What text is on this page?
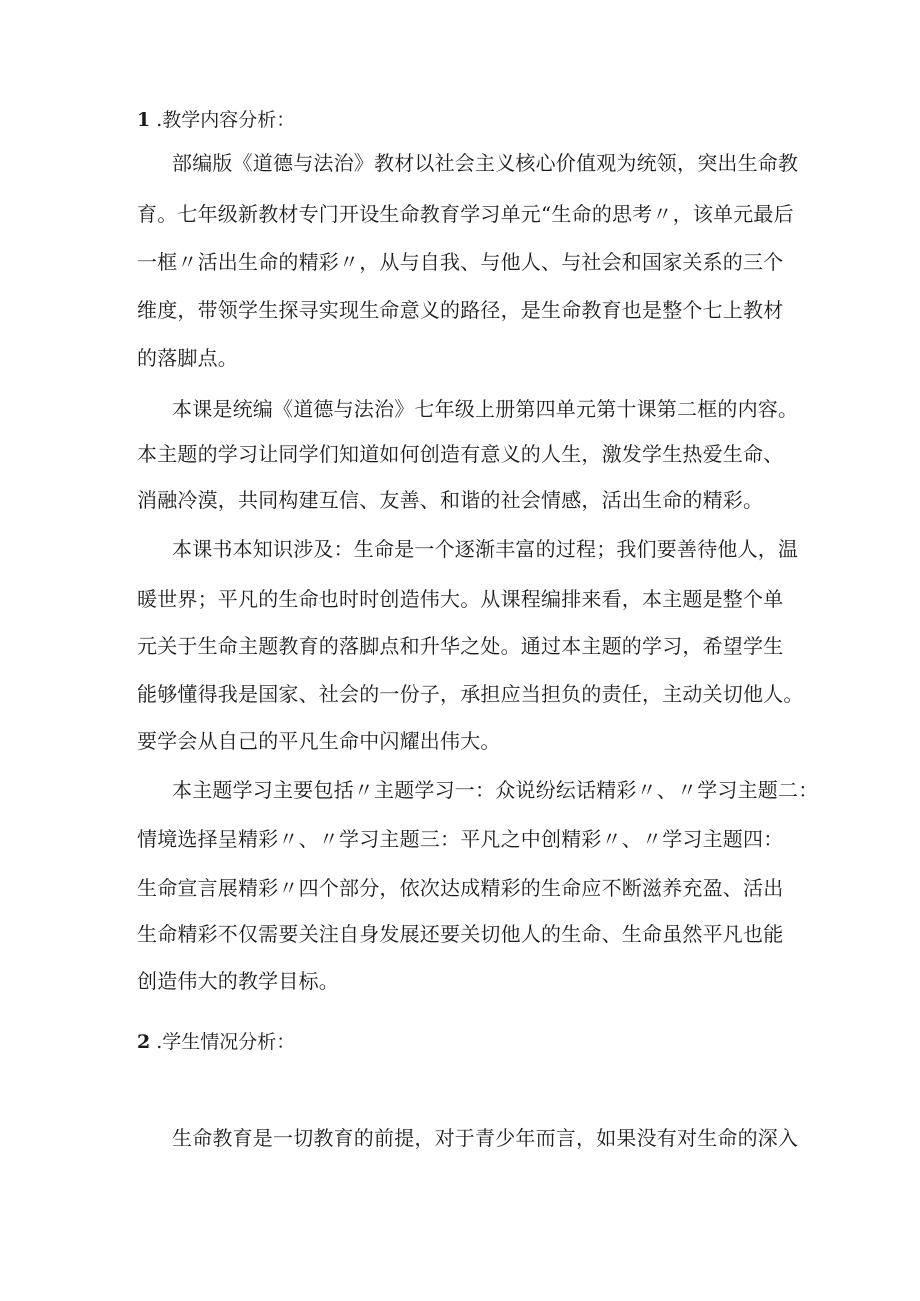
1 .教学内容分析：
部编版《道德与法治》教材以社会主义核心价值观为统领，突出生命教
育。七年级新教材专门开设生命教育学习单元“生命的思考〃，该单元最后
一框〃活出生命的精彩〃，从与自我、与他人、与社会和国家关系的三个
维度，带领学生探寻实现生命意义的路径，是生命教育也是整个七上教材
的落脚点。
本课是统编《道德与法治》七年级上册第四单元第十课第二框的内容。
本主题的学习让同学们知道如何创造有意义的人生，激发学生热爱生命、
消融冷漠，共同构建互信、友善、和谐的社会情感，活出生命的精彩。
本课书本知识涉及：生命是一个逐渐丰富的过程；我们要善待他人，温
暖世界；平凡的生命也时时创造伟大。从课程编排来看，本主题是整个单
元关于生命主题教育的落脚点和升华之处。通过本主题的学习，希望学生
能够懂得我是国家、社会的一份子，承担应当担负的责任，主动关切他人。
要学会从自己的平凡生命中闪耀出伟大。
本主题学习主要包括〃主题学习一：众说纷纭话精彩〃、〃学习主题二：
情境选择呈精彩〃、〃学习主题三：平凡之中创精彩〃、〃学习主题四：
生命宣言展精彩〃四个部分，依次达成精彩的生命应不断滋养充盈、活出
生命精彩不仅需要关注自身发展还要关切他人的生命、生命虽然平凡也能
创造伟大的教学目标。
2 .学生情况分析：
生命教育是一切教育的前提，对于青少年而言，如果没有对生命的深入
